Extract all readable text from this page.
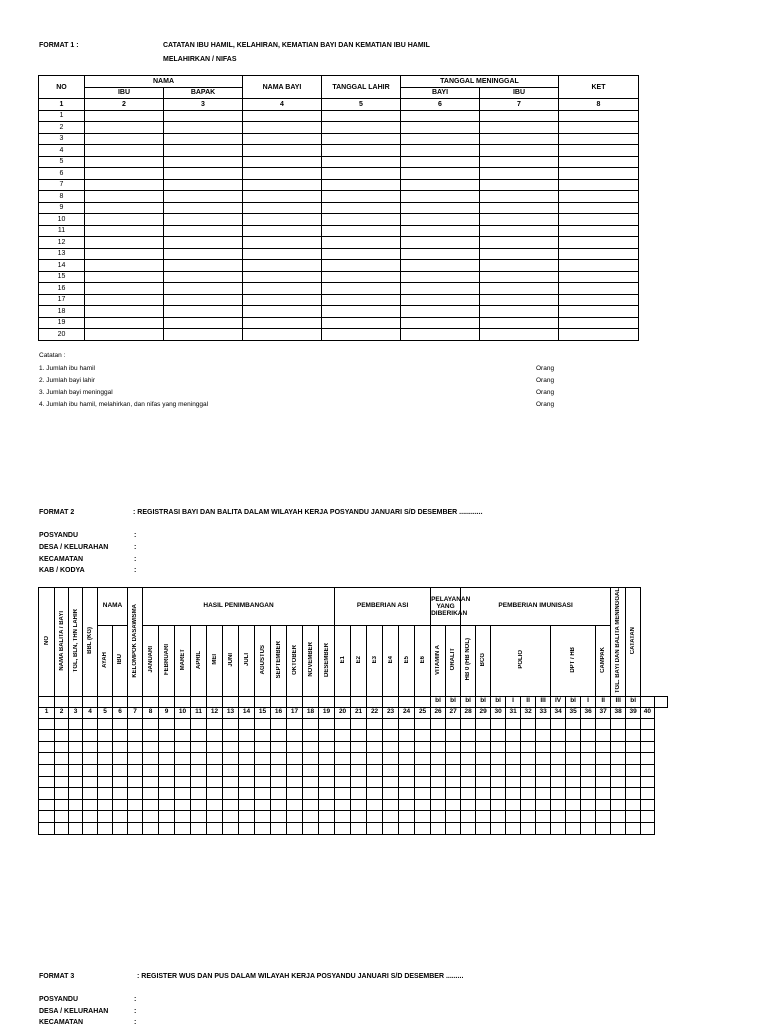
FORMAT 1 :	CATATAN IBU HAMIL, KELAHIRAN, KEMATIAN BAYI DAN KEMATIAN IBU HAMIL
MELAHIRKAN / NIFAS
NO	NAMA		NAMA BAYI	TANGGAL LAHIR	TANGGAL MENINGGAL		KET
	IBU	BAPAK			BAYI	IBU	
1	2	3	4	5	6	7	8
1							
2							
3							
4							
5							
6							
7							
8							
9							
10							
11							
12							
13							
14							
15							
16							
17							
18							
19							
20							
Catatan :
1. Jumlah ibu hamil
2. Jumlah bayi lahir
3. Jumlah bayi meninggal
4. Jumlah ibu hamil, melahirkan, dan nifas yang meninggal
Orang
Orang
Orang
Orang
FORMAT 2	: REGISTRASI BAYI DAN BALITA DALAM WILAYAH KERJA POSYANDU JANUARI S/D DESEMBER ............
POSYANDU	:
DESA / KELURAHAN	:
KECAMATAN	:
KAB / KODYA	:
NO	NAMA BALITA / BAYI	TGL, BLN, THN LAHIR	BBL (KG)	NAMA		KELOMPOK DASAWISMA	HASIL PENIMBANGAN												PEMBERIAN ASI						PELAYANAN YANG DIBERIKAN		PEMBERIAN IMUNISASI										TGL. BAYI DAN BALITA MENINGGAL	CATATAN		
				AYAH	IBU		JANUARI	FEBRUARI	MARET	APRIL	MEI	JUNI	JULI	AGUSTUS	SEPTEMBER	OKTOBER	NOVEMBER	DESEMBER	E1	E2	E3	E4	E5	E6	VITAMIN A	ORALIT	HB 0 (HB NOL)	BCG	POLIO				DPT / HB			CAMPAK				
																									bl	bl	bl	bl	bl	I	II	III	IV	bl	I	II	III	bl		
1	2	3	4	5	6	7	8	9	10	11	12	13	14	15	16	17	18	19	20	21	22	23	24	25	26	27	28	29	30	31	32	33	34	35	36	37	38	39	40	

FORMAT 3	: REGISTER WUS DAN PUS DALAM WILAYAH KERJA POSYANDU JANUARI S/D DESEMBER .........
POSYANDU	:
DESA / KELURAHAN	:
KECAMATAN	:
